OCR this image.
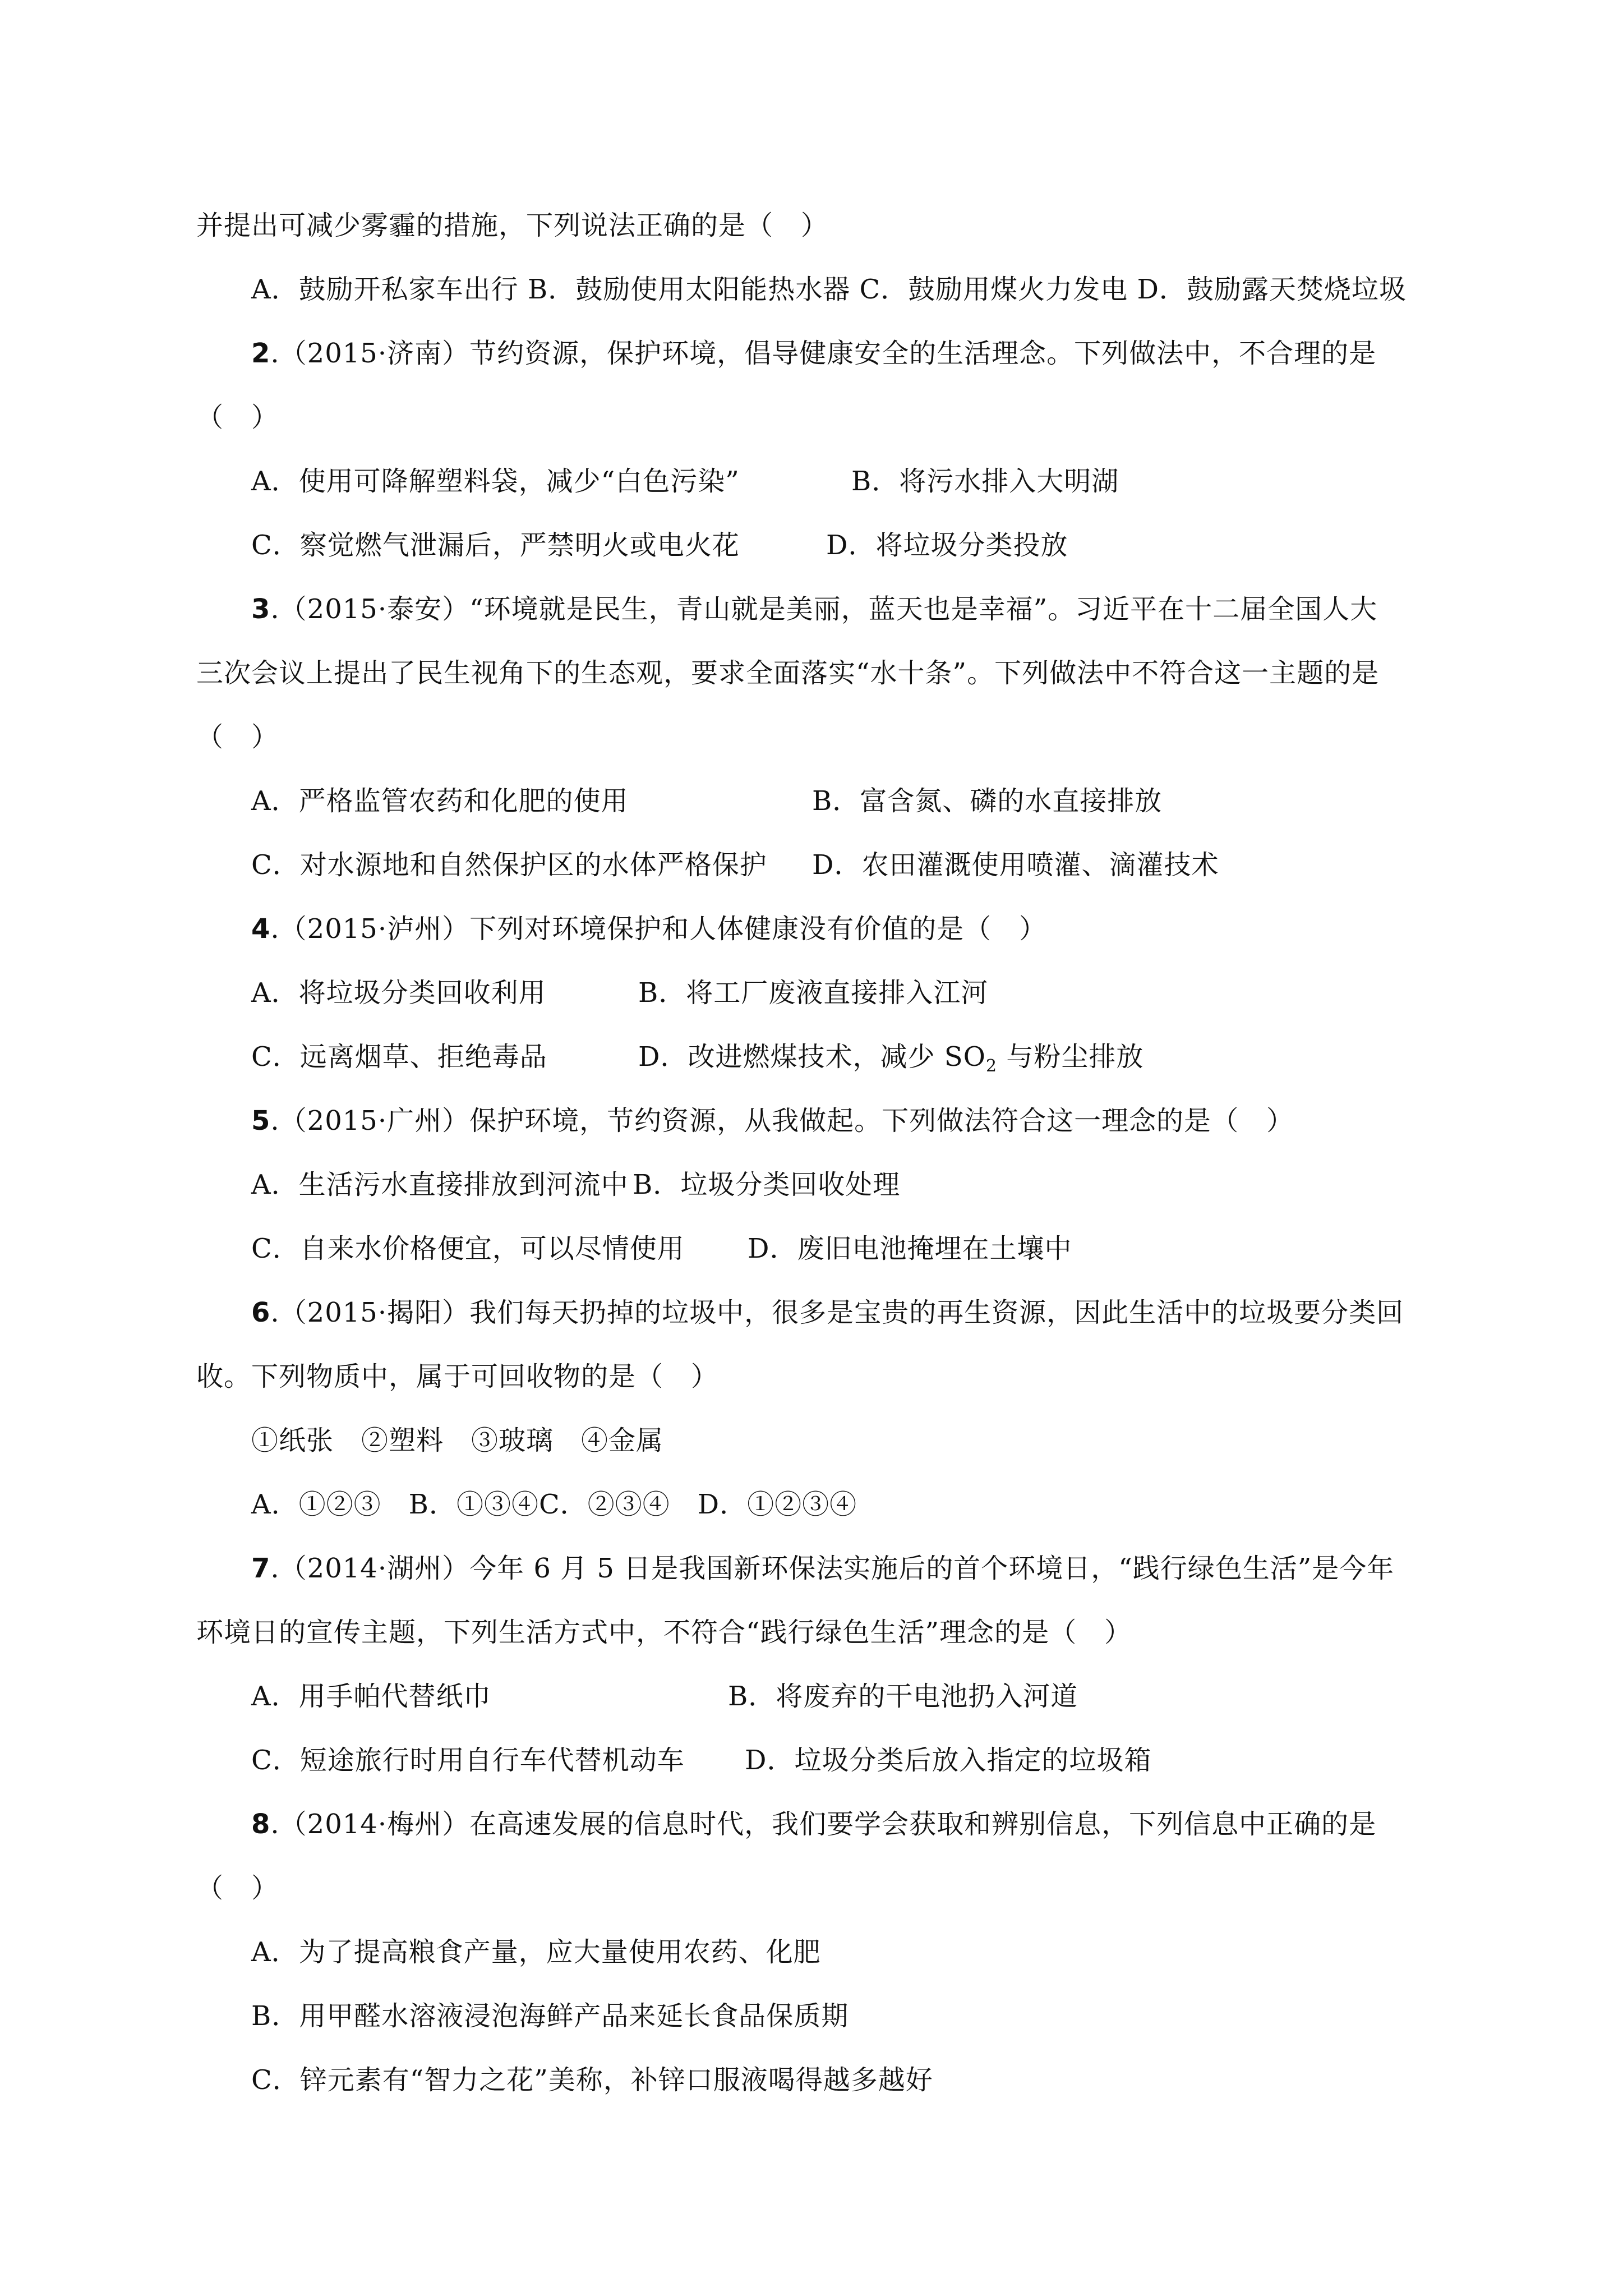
并提出可减少雾霾的措施，下列说法正确的是（　）
A．鼓励开私家车出行 B．鼓励使用太阳能热水器 C．鼓励用煤火力发电 D．鼓励露天焚烧垃圾
2.（2015·济南）节约资源，保护环境，倡导健康安全的生活理念。下列做法中，不合理的是
（　）
A．使用可降解塑料袋，减少“白色污染”	B．将污水排入大明湖
C．察觉燃气泄漏后，严禁明火或电火花	D．将垃圾分类投放
3.（2015·泰安）“环境就是民生，青山就是美丽，蓝天也是幸福”。习近平在十二届全国人大
三次会议上提出了民生视角下的生态观，要求全面落实“水十条”。下列做法中不符合这一主题的是
（　）
A．严格监管农药和化肥的使用	B．富含氮、磷的水直接排放
C．对水源地和自然保护区的水体严格保护 D．农田灌溉使用喷灌、滴灌技术
4.（2015·泸州）下列对环境保护和人体健康没有价值的是（　）
A．将垃圾分类回收利用	B．将工厂废液直接排入江河
C．远离烟草、拒绝毒品	D．改进燃煤技术，减少 $SO_2$ 与粉尘排放
5.（2015·广州）保护环境，节约资源，从我做起。下列做法符合这一理念的是（　）
A．生活污水直接排放到河流中 B．垃圾分类回收处理
C．自来水价格便宜，可以尽情使用 D．废旧电池掩埋在土壤中
6.（2015·揭阳）我们每天扔掉的垃圾中，很多是宝贵的再生资源，因此生活中的垃圾要分类回
收。下列物质中，属于可回收物的是（　）
①纸张　②塑料　③玻璃　④金属
A．①②③　B．①③④C．②③④　D．①②③④
7.（2014·湖州）今年 6 月 5 日是我国新环保法实施后的首个环境日，“践行绿色生活”是今年
环境日的宣传主题，下列生活方式中，不符合“践行绿色生活”理念的是（　）
A．用手帕代替纸巾	B．将废弃的干电池扔入河道
C．短途旅行时用自行车代替机动车 D．垃圾分类后放入指定的垃圾箱
8.（2014·梅州）在高速发展的信息时代，我们要学会获取和辨别信息，下列信息中正确的是
（　）
A．为了提高粮食产量，应大量使用农药、化肥
B．用甲醛水溶液浸泡海鲜产品来延长食品保质期
C．锌元素有“智力之花”美称，补锌口服液喝得越多越好
